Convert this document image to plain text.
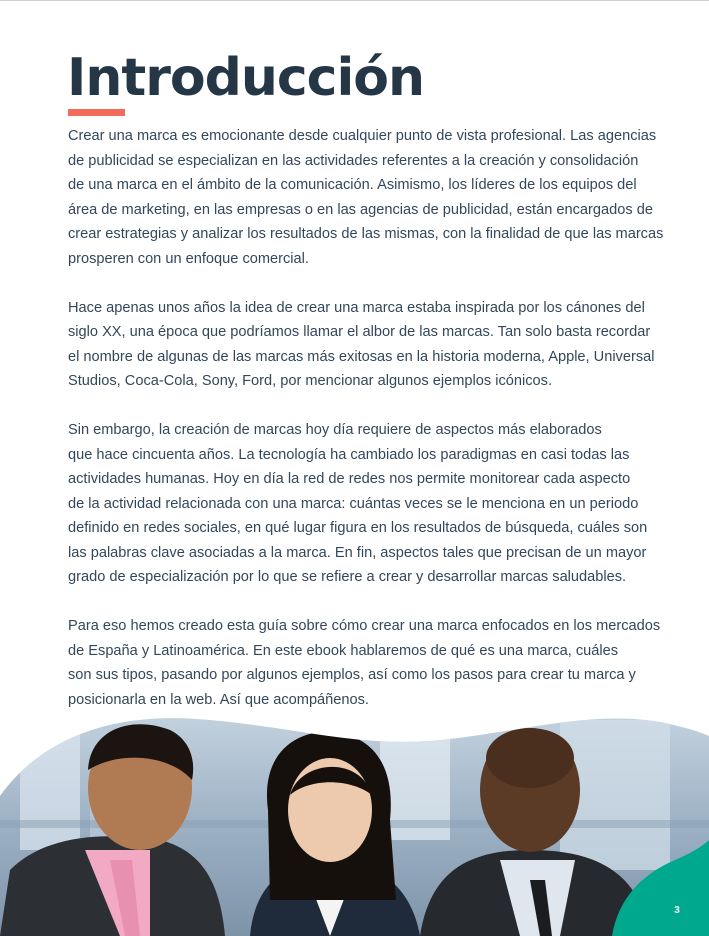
Introducción

Crear una marca es emocionante desde cualquier punto de vista profesional. Las agencias
de publicidad se especializan en las actividades referentes a la creación y consolidación
de una marca en el ámbito de la comunicación. Asimismo, los líderes de los equipos del
área de marketing, en las empresas o en las agencias de publicidad, están encargados de
crear estrategias y analizar los resultados de las mismas, con la finalidad de que las marcas
prosperen con un enfoque comercial.

Hace apenas unos años la idea de crear una marca estaba inspirada por los cánones del
siglo XX, una época que podríamos llamar el albor de las marcas. Tan solo basta recordar
el nombre de algunas de las marcas más exitosas en la historia moderna, Apple, Universal
Studios, Coca-Cola, Sony, Ford, por mencionar algunos ejemplos icónicos.

Sin embargo, la creación de marcas hoy día requiere de aspectos más elaborados
que hace cincuenta años. La tecnología ha cambiado los paradigmas en casi todas las
actividades humanas. Hoy en día la red de redes nos permite monitorear cada aspecto
de la actividad relacionada con una marca: cuántas veces se le menciona en un periodo
definido en redes sociales, en qué lugar figura en los resultados de búsqueda, cuáles son
las palabras clave asociadas a la marca. En fin, aspectos tales que precisan de un mayor
grado de especialización por lo que se refiere a crear y desarrollar marcas saludables.

Para eso hemos creado esta guía sobre cómo crear una marca enfocados en los mercados
de España y Latinoamérica. En este ebook hablaremos de qué es una marca, cuáles
son sus tipos, pasando por algunos ejemplos, así como los pasos para crear tu marca y
posicionarla en la web. Así que acompáñenos.

3
